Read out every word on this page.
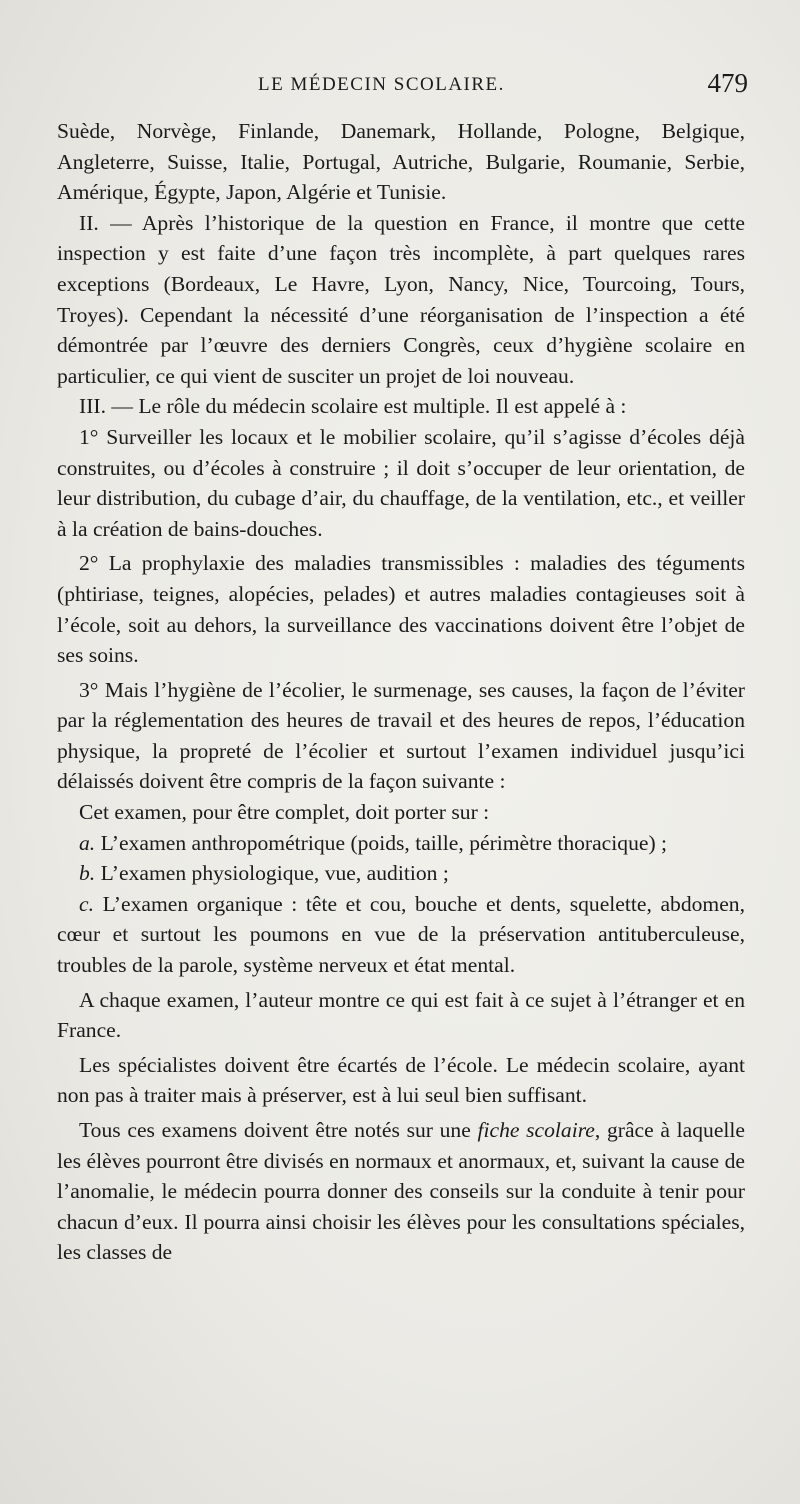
LE MÉDECIN SCOLAIRE.	479

Suède, Norvège, Finlande, Danemark, Hollande, Pologne, Belgique, Angleterre, Suisse, Italie, Portugal, Autriche, Bulgarie, Roumanie, Serbie, Amérique, Égypte, Japon, Algérie et Tunisie.

II. — Après l’historique de la question en France, il montre que cette inspection y est faite d’une façon très incomplète, à part quelques rares exceptions (Bordeaux, Le Havre, Lyon, Nancy, Nice, Tourcoing, Tours, Troyes). Cependant la nécessité d’une réorganisation de l’inspection a été démontrée par l’œuvre des derniers Congrès, ceux d’hygiène scolaire en particulier, ce qui vient de susciter un projet de loi nouveau.

III. — Le rôle du médecin scolaire est multiple. Il est appelé à :

1° Surveiller les locaux et le mobilier scolaire, qu’il s’agisse d’écoles déjà construites, ou d’écoles à construire ; il doit s’occuper de leur orientation, de leur distribution, du cubage d’air, du chauffage, de la ventilation, etc., et veiller à la création de bains-douches.

2° La prophylaxie des maladies transmissibles : maladies des téguments (phtiriase, teignes, alopécies, pelades) et autres maladies contagieuses soit à l’école, soit au dehors, la surveillance des vaccinations doivent être l’objet de ses soins.

3° Mais l’hygiène de l’écolier, le surmenage, ses causes, la façon de l’éviter par la réglementation des heures de travail et des heures de repos, l’éducation physique, la propreté de l’écolier et surtout l’examen individuel jusqu’ici délaissés doivent être compris de la façon suivante :

Cet examen, pour être complet, doit porter sur :

a. L’examen anthropométrique (poids, taille, périmètre thoracique) ;

b. L’examen physiologique, vue, audition ;

c. L’examen organique : tête et cou, bouche et dents, squelette, abdomen, cœur et surtout les poumons en vue de la préservation antituberculeuse, troubles de la parole, système nerveux et état mental.

A chaque examen, l’auteur montre ce qui est fait à ce sujet à l’étranger et en France.

Les spécialistes doivent être écartés de l’école. Le médecin scolaire, ayant non pas à traiter mais à préserver, est à lui seul bien suffisant.

Tous ces examens doivent être notés sur une fiche scolaire, grâce à laquelle les élèves pourront être divisés en normaux et anormaux, et, suivant la cause de l’anomalie, le médecin pourra donner des conseils sur la conduite à tenir pour chacun d’eux. Il pourra ainsi choisir les élèves pour les consultations spéciales, les classes de
